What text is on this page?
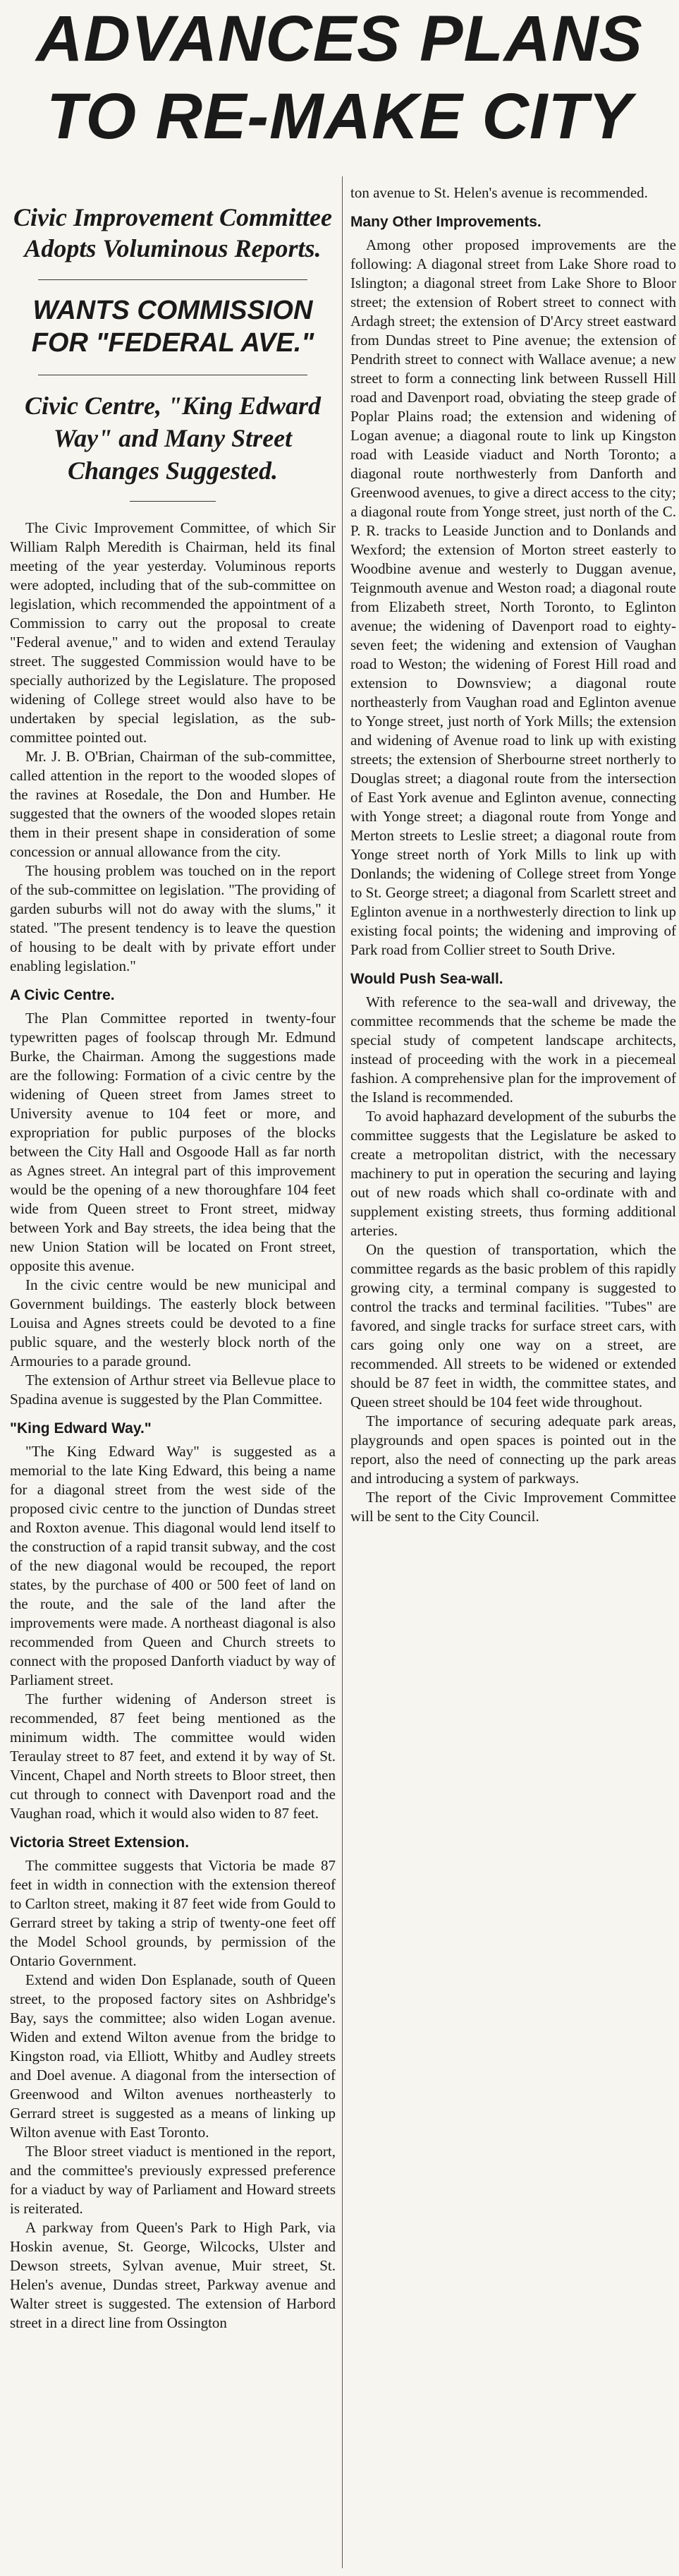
ADVANCES PLANS
TO RE-MAKE CITY

Civic Improvement Committee Adopts Voluminous Reports.

WANTS COMMISSION FOR "FEDERAL AVE."

Civic Centre, "King Edward Way" and Many Street Changes Suggested.

The Civic Improvement Committee, of which Sir William Ralph Meredith is Chairman, held its final meeting of the year yesterday. Voluminous reports were adopted, including that of the sub-committee on legislation, which recommended the appointment of a Commission to carry out the proposal to create "Federal avenue," and to widen and extend Teraulay street. The suggested Commission would have to be specially authorized by the Legislature. The proposed widening of College street would also have to be undertaken by special legislation, as the sub-committee pointed out.

Mr. J. B. O'Brian, Chairman of the sub-committee, called attention in the report to the wooded slopes of the ravines at Rosedale, the Don and Humber. He suggested that the owners of the wooded slopes retain them in their present shape in consideration of some concession or annual allowance from the city.

The housing problem was touched on in the report of the sub-committee on legislation. "The providing of garden suburbs will not do away with the slums," it stated. "The present tendency is to leave the question of housing to be dealt with by private effort under enabling legislation."

A Civic Centre.

The Plan Committee reported in twenty-four typewritten pages of foolscap through Mr. Edmund Burke, the Chairman. Among the suggestions made are the following: Formation of a civic centre by the widening of Queen street from James street to University avenue to 104 feet or more, and expropriation for public purposes of the blocks between the City Hall and Osgoode Hall as far north as Agnes street. An integral part of this improvement would be the opening of a new thoroughfare 104 feet wide from Queen street to Front street, midway between York and Bay streets, the idea being that the new Union Station will be located on Front street, opposite this avenue.

In the civic centre would be new municipal and Government buildings. The easterly block between Louisa and Agnes streets could be devoted to a fine public square, and the westerly block north of the Armouries to a parade ground.

The extension of Arthur street via Bellevue place to Spadina avenue is suggested by the Plan Committee.

"King Edward Way."

"The King Edward Way" is suggested as a memorial to the late King Edward, this being a name for a diagonal street from the west side of the proposed civic centre to the junction of Dundas street and Roxton avenue. This diagonal would lend itself to the construction of a rapid transit subway, and the cost of the new diagonal would be recouped, the report states, by the purchase of 400 or 500 feet of land on the route, and the sale of the land after the improvements were made. A northeast diagonal is also recommended from Queen and Church streets to connect with the proposed Danforth viaduct by way of Parliament street.

The further widening of Anderson street is recommended, 87 feet being mentioned as the minimum width. The committee would widen Teraulay street to 87 feet, and extend it by way of St. Vincent, Chapel and North streets to Bloor street, then cut through to connect with Davenport road and the Vaughan road, which it would also widen to 87 feet.

Victoria Street Extension.

The committee suggests that Victoria be made 87 feet in width in connection with the extension thereof to Carlton street, making it 87 feet wide from Gould to Gerrard street by taking a strip of twenty-one feet off the Model School grounds, by permission of the Ontario Government.

Extend and widen Don Esplanade, south of Queen street, to the proposed factory sites on Ashbridge's Bay, says the committee; also widen Logan avenue. Widen and extend Wilton avenue from the bridge to Kingston road, via Elliott, Whitby and Audley streets and Doel avenue. A diagonal from the intersection of Greenwood and Wilton avenues northeasterly to Gerrard street is suggested as a means of linking up Wilton avenue with East Toronto.

The Bloor street viaduct is mentioned in the report, and the committee's previously expressed preference for a viaduct by way of Parliament and Howard streets is reiterated.

A parkway from Queen's Park to High Park, via Hoskin avenue, St. George, Wilcocks, Ulster and Dewson streets, Sylvan avenue, Muir street, St. Helen's avenue, Dundas street, Parkway avenue and Walter street is suggested. The extension of Harbord street in a direct line from Ossington

ton avenue to St. Helen's avenue is recommended.

Many Other Improvements.

Among other proposed improvements are the following: A diagonal street from Lake Shore road to Islington; a diagonal street from Lake Shore to Bloor street; the extension of Robert street to connect with Ardagh street; the extension of D'Arcy street eastward from Dundas street to Pine avenue; the extension of Pendrith street to connect with Wallace avenue; a new street to form a connecting link between Russell Hill road and Davenport road, obviating the steep grade of Poplar Plains road; the extension and widening of Logan avenue; a diagonal route to link up Kingston road with Leaside viaduct and North Toronto; a diagonal route northwesterly from Danforth and Greenwood avenues, to give a direct access to the city; a diagonal route from Yonge street, just north of the C. P. R. tracks to Leaside Junction and to Donlands and Wexford; the extension of Morton street easterly to Woodbine avenue and westerly to Duggan avenue, Teignmouth avenue and Weston road; a diagonal route from Elizabeth street, North Toronto, to Eglinton avenue; the widening of Davenport road to eighty-seven feet; the widening and extension of Vaughan road to Weston; the widening of Forest Hill road and extension to Downsview; a diagonal route northeasterly from Vaughan road and Eglinton avenue to Yonge street, just north of York Mills; the extension and widening of Avenue road to link up with existing streets; the extension of Sherbourne street northerly to Douglas street; a diagonal route from the intersection of East York avenue and Eglinton avenue, connecting with Yonge street; a diagonal route from Yonge and Merton streets to Leslie street; a diagonal route from Yonge street north of York Mills to link up with Donlands; the widening of College street from Yonge to St. George street; a diagonal from Scarlett street and Eglinton avenue in a northwesterly direction to link up existing focal points; the widening and improving of Park road from Collier street to South Drive.

Would Push Sea-wall.

With reference to the sea-wall and driveway, the committee recommends that the scheme be made the special study of competent landscape architects, instead of proceeding with the work in a piecemeal fashion. A comprehensive plan for the improvement of the Island is recommended.

To avoid haphazard development of the suburbs the committee suggests that the Legislature be asked to create a metropolitan district, with the necessary machinery to put in operation the securing and laying out of new roads which shall co-ordinate with and supplement existing streets, thus forming additional arteries.

On the question of transportation, which the committee regards as the basic problem of this rapidly growing city, a terminal company is suggested to control the tracks and terminal facilities. "Tubes" are favored, and single tracks for surface street cars, with cars going only one way on a street, are recommended. All streets to be widened or extended should be 87 feet in width, the committee states, and Queen street should be 104 feet wide throughout.

The importance of securing adequate park areas, playgrounds and open spaces is pointed out in the report, also the need of connecting up the park areas and introducing a system of parkways.

The report of the Civic Improvement Committee will be sent to the City Council.
